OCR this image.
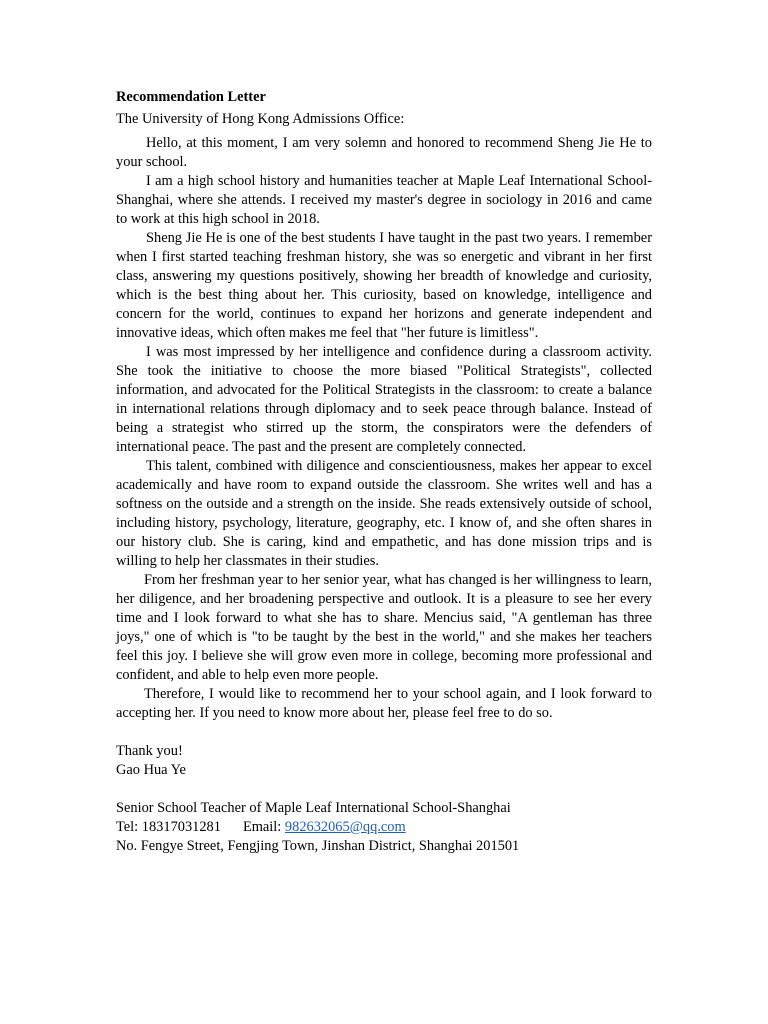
Recommendation Letter

The University of Hong Kong Admissions Office:

Hello, at this moment, I am very solemn and honored to recommend Sheng Jie He to your school.

I am a high school history and humanities teacher at Maple Leaf International School-Shanghai, where she attends. I received my master's degree in sociology in 2016 and came to work at this high school in 2018.

Sheng Jie He is one of the best students I have taught in the past two years. I remember when I first started teaching freshman history, she was so energetic and vibrant in her first class, answering my questions positively, showing her breadth of knowledge and curiosity, which is the best thing about her. This curiosity, based on knowledge, intelligence and concern for the world, continues to expand her horizons and generate independent and innovative ideas, which often makes me feel that "her future is limitless".

I was most impressed by her intelligence and confidence during a classroom activity. She took the initiative to choose the more biased "Political Strategists", collected information, and advocated for the Political Strategists in the classroom: to create a balance in international relations through diplomacy and to seek peace through balance. Instead of being a strategist who stirred up the storm, the conspirators were the defenders of international peace. The past and the present are completely connected.

This talent, combined with diligence and conscientiousness, makes her appear to excel academically and have room to expand outside the classroom. She writes well and has a softness on the outside and a strength on the inside. She reads extensively outside of school, including history, psychology, literature, geography, etc. I know of, and she often shares in our history club. She is caring, kind and empathetic, and has done mission trips and is willing to help her classmates in their studies.

From her freshman year to her senior year, what has changed is her willingness to learn, her diligence, and her broadening perspective and outlook. It is a pleasure to see her every time and I look forward to what she has to share. Mencius said, "A gentleman has three joys," one of which is "to be taught by the best in the world," and she makes her teachers feel this joy. I believe she will grow even more in college, becoming more professional and confident, and able to help even more people.

Therefore, I would like to recommend her to your school again, and I look forward to accepting her. If you need to know more about her, please feel free to do so.

Thank you!

Gao Hua Ye

Senior School Teacher of Maple Leaf International School-Shanghai

Tel: 18317031281 Email: 982632065@qq.com

No. Fengye Street, Fengjing Town, Jinshan District, Shanghai 201501
